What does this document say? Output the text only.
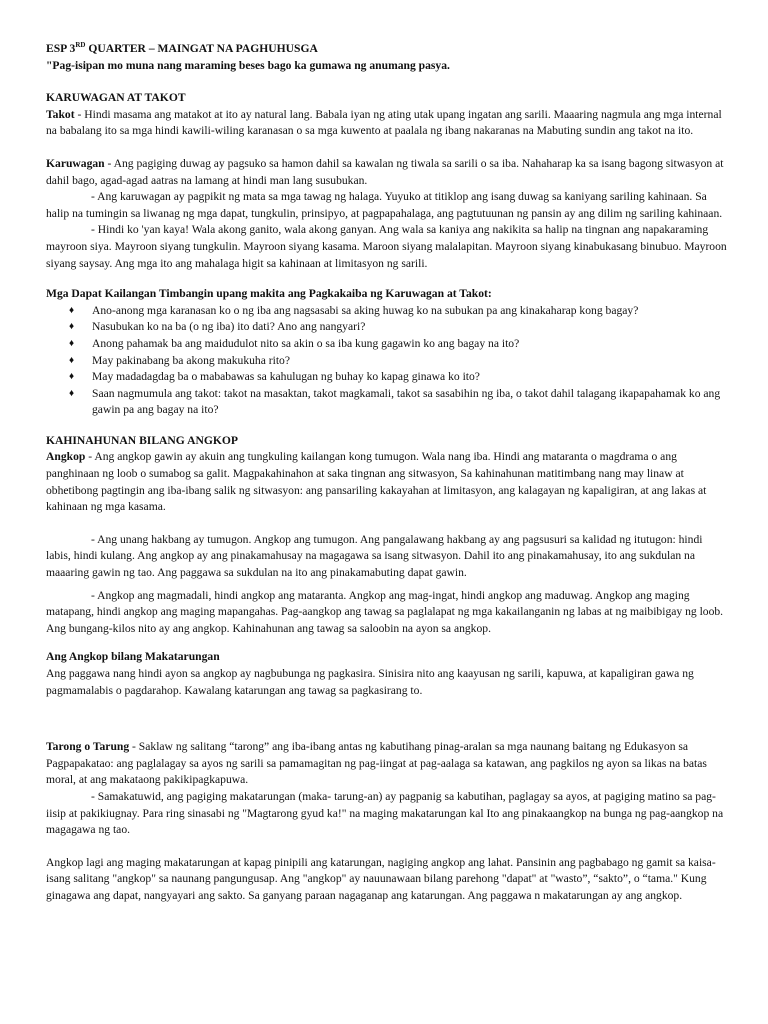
ESP 3RD QUARTER – MAINGAT NA PAGHUHUSGA

"Pag-isipan mo muna nang maraming beses bago ka gumawa ng anumang pasya.

KARUWAGAN AT TAKOT

Takot - Hindi masama ang matakot at ito ay natural lang. Babala iyan ng ating utak upang ingatan ang sarili. Maaaring nagmula ang mga internal na babalang ito sa mga hindi kawili-wiling karanasan o sa mga kuwento at paalala ng ibang nakaranas na Mabuting sundin ang takot na ito.

Karuwagan - Ang pagiging duwag ay pagsuko sa hamon dahil sa kawalan ng tiwala sa sarili o sa iba. Nahaharap ka sa isang bagong sitwasyon at dahil bago, agad-agad aatras na lamang at hindi man lang susubukan.

- Ang karuwagan ay pagpikit ng mata sa mga tawag ng halaga. Yuyuko at titiklop ang isang duwag sa kaniyang sariling kahinaan. Sa halip na tumingin sa liwanag ng mga dapat, tungkulin, prinsipyo, at pagpapahalaga, ang pagtutuunan ng pansin ay ang dilim ng sariling kahinaan.

- Hindi ko 'yan kaya! Wala akong ganito, wala akong ganyan. Ang wala sa kaniya ang nakikita sa halip na tingnan ang napakaraming mayroon siya. Mayroon siyang tungkulin. Mayroon siyang kasama. Maroon siyang malalapitan. Mayroon siyang kinabukasang binubuo. Mayroon siyang saysay. Ang mga ito ang mahalaga higit sa kahinaan at limitasyon ng sarili.

Mga Dapat Kailangan Timbangin upang makita ang Pagkakaiba ng Karuwagan at Takot:

♦ Ano-anong mga karanasan ko o ng iba ang nagsasabi sa aking huwag ko na subukan pa ang kinakaharap kong bagay?
♦ Nasubukan ko na ba (o ng iba) ito dati? Ano ang nangyari?
♦ Anong pahamak ba ang maidudulot nito sa akin o sa iba kung gagawin ko ang bagay na ito?
♦ May pakinabang ba akong makukuha rito?
♦ May madadagdag ba o mababawas sa kahulugan ng buhay ko kapag ginawa ko ito?
♦ Saan nagmumula ang takot: takot na masaktan, takot magkamali, takot sa sasabihin ng iba, o takot dahil talagang ikapapahamak ko ang gawin pa ang bagay na ito?

KAHINAHUNAN BILANG ANGKOP

Angkop - Ang angkop gawin ay akuin ang tungkuling kailangan kong tumugon. Wala nang iba. Hindi ang mataranta o magdrama o ang panghinaan ng loob o sumabog sa galit. Magpakahinahon at saka tingnan ang sitwasyon, Sa kahinahunan matitimbang nang may linaw at obhetibong pagtingin ang iba-ibang salik ng sitwasyon: ang pansariling kakayahan at limitasyon, ang kalagayan ng kapaligiran, at ang lakas at kahinaan ng mga kasama.

- Ang unang hakbang ay tumugon. Angkop ang tumugon. Ang pangalawang hakbang ay ang pagsusuri sa kalidad ng itutugon: hindi labis, hindi kulang. Ang angkop ay ang pinakamahusay na magagawa sa isang sitwasyon. Dahil ito ang pinakamahusay, ito ang sukdulan na maaaring gawin ng tao. Ang paggawa sa sukdulan na ito ang pinakamabuting dapat gawin.

- Angkop ang magmadali, hindi angkop ang mataranta. Angkop ang mag-ingat, hindi angkop ang maduwag. Angkop ang maging matapang, hindi angkop ang maging mapangahas. Pag-aangkop ang tawag sa paglalapat ng mga kakailanganin ng labas at ng maibibigay ng loob. Ang bungang-kilos nito ay ang angkop. Kahinahunan ang tawag sa saloobin na ayon sa angkop.

Ang Angkop bilang Makatarungan

Ang paggawa nang hindi ayon sa angkop ay nagbubunga ng pagkasira. Sinisira nito ang kaayusan ng sarili, kapuwa, at kapaligiran gawa ng pagmamalabis o pagdarahop. Kawalang katarungan ang tawag sa pagkasirang to.

Tarong o Tarung - Saklaw ng salitang “tarong” ang iba-ibang antas ng kabutihang pinag-aralan sa mga naunang baitang ng Edukasyon sa Pagpapakatao: ang paglalagay sa ayos ng sarili sa pamamagitan ng pag-iingat at pag-aalaga sa katawan, ang pagkilos ng ayon sa likas na batas moral, at ang makataong pakikipagkapuwa.

- Samakatuwid, ang pagiging makatarungan (maka- tarung-an) ay pagpanig sa kabutihan, paglagay sa ayos, at pagiging matino sa pag-iisip at pakikiugnay. Para ring sinasabi ng "Magtarong gyud ka!" na maging makatarungan kal Ito ang pinakaangkop na bunga ng pag-aangkop na magagawa ng tao.

Angkop lagi ang maging makatarungan at kapag pinipili ang katarungan, nagiging angkop ang lahat. Pansinin ang pagbabago ng gamit sa kaisa-isang salitang "angkop" sa naunang pangungusap. Ang "angkop" ay nauunawaan bilang parehong "dapat" at "wasto”, “sakto”, o “tama." Kung ginagawa ang dapat, nangyayari ang sakto. Sa ganyang paraan nagaganap ang katarungan. Ang paggawa n makatarungan ay ang angkop.
